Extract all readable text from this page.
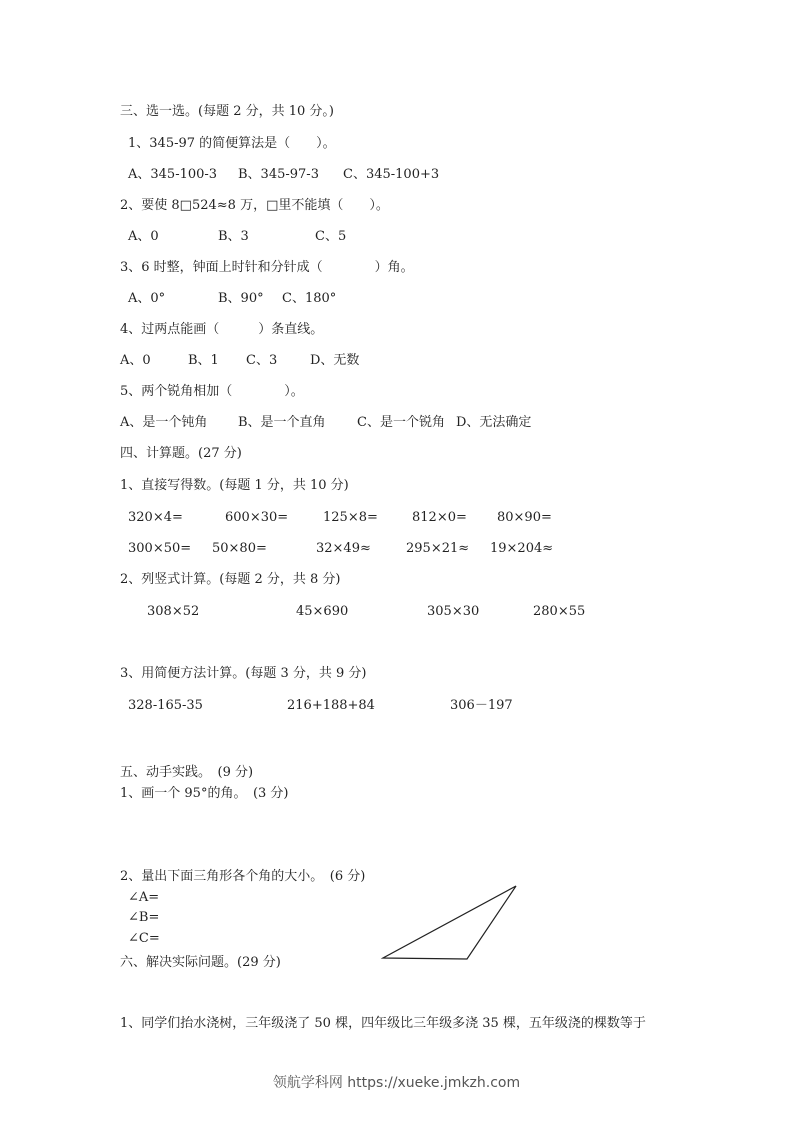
三、选一选。(每题 2 分，共 10 分。)
1、345-97 的简便算法是（　　）。
A、345-100-3 B、345-97-3 C、345-100+3
2、要使 8□524≈8 万，□里不能填（　　）。
A、0	B、3	C、5
3、6 时整，钟面上时针和分针成（　　　　）角。
A、0°	B、90° C、180°
4、过两点能画（　　　）条直线。
A、0	B、1 C、3	D、无数
5、两个锐角相加（　　　　）。
A、是一个钝角 B、是一个直角 C、是一个锐角 D、无法确定
四、计算题。(27 分)
1、直接写得数。(每题 1 分，共 10 分)
320×4=	600×30=	125×8=	812×0= 80×90=
300×50= 50×80=	32×49≈	295×21≈ 19×204≈
2、列竖式计算。(每题 2 分，共 8 分)
308×52	45×690	305×30	280×55
3、用简便方法计算。(每题 3 分，共 9 分)
328-165-35	216+188+84	306－197
五、动手实践。　(9 分)
1、画一个 95°的角。　(3 分)
2、量出下面三角形各个角的大小。　(6 分)
∠A=
∠B=
∠C=
六、解决实际问题。(29 分)
1、同学们抬水浇树，三年级浇了 50 棵，四年级比三年级多浇 35 棵，五年级浇的棵数等于
领航学科网 https://xueke.jmkzh.com
